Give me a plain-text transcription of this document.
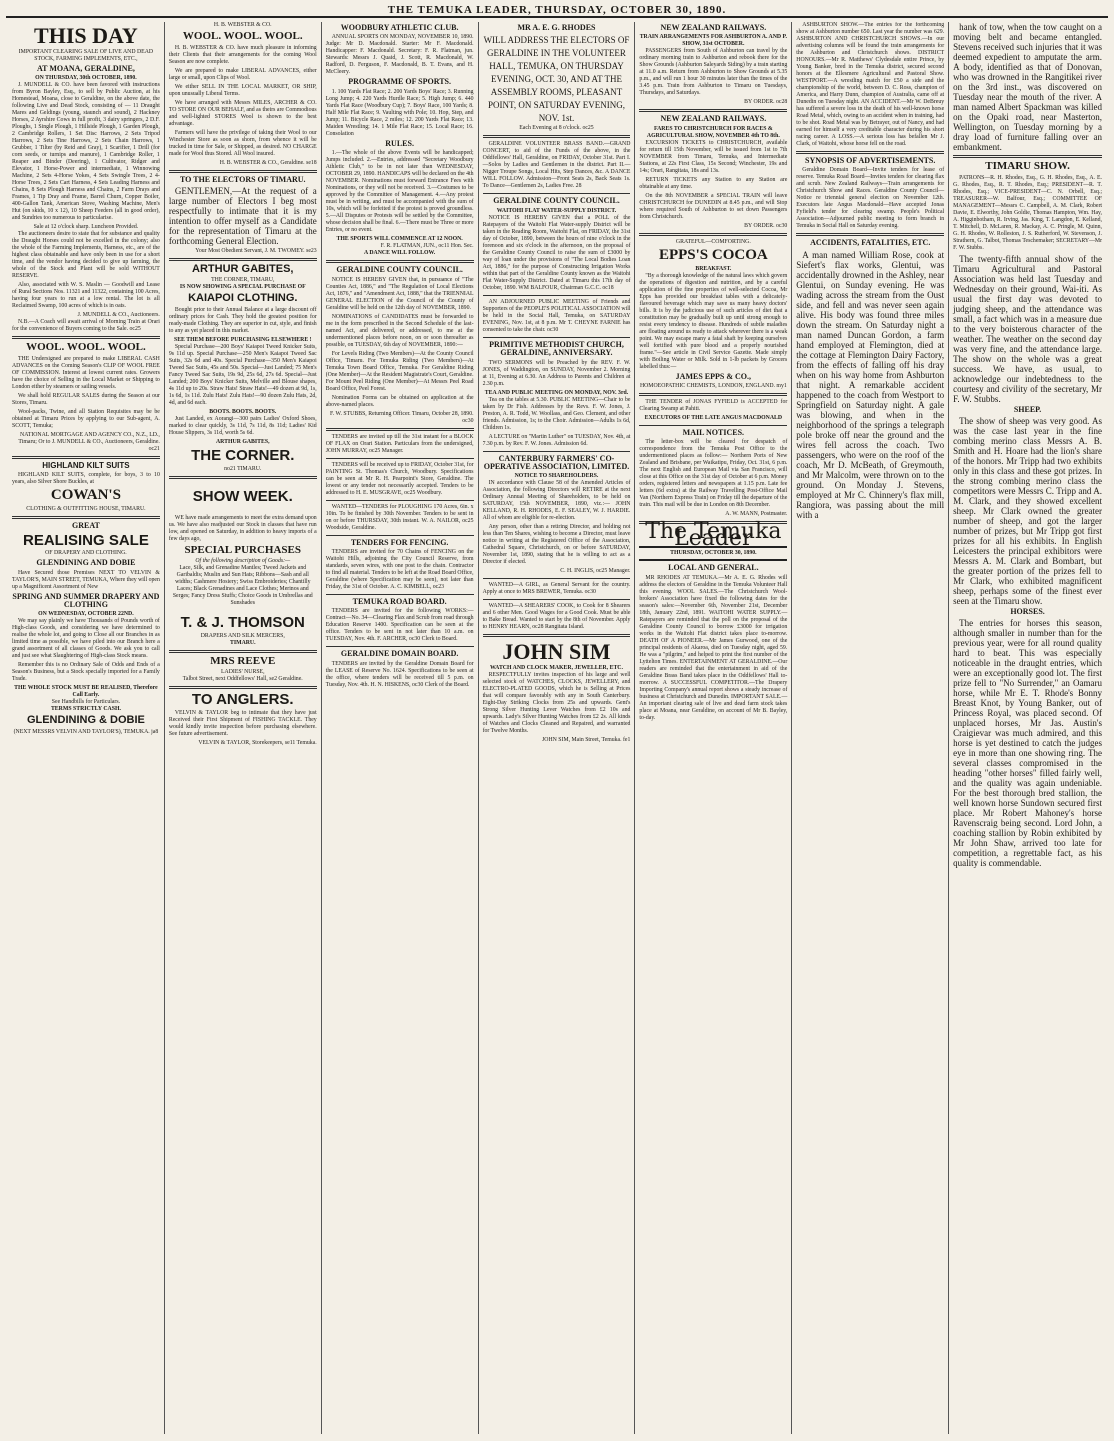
THE TEMUKA LEADER, THURSDAY, OCTOBER 30, 1890.
THIS DAY
IMPORTANT CLEARING SALE OF LIVE AND DEAD STOCK, FARMING IMPLEMENTS, ETC.,
AT MOANA, GERALDINE,
ON THURSDAY, 30th OCTOBER, 1890.
J. MUNDELL & CO. have been favored with instructions from Byron Bayley, Esq., to sell by Public Auction, at his Homestead, Moana, close to Geraldine, on the above date, the following Live and Dead Stock, consisting of — 11 Draught Mares and Geldings (young, staunch and sound), 2 Hackney Horses, 2 Ayrshire Cows in full profit, 3 dairy springers, 2 D.F. Ploughs, 1 Single Plough, 1 Hillside Plough, 1 Garden Plough, 2 Cambridge Rollers, 1 Set Disc Harrows, 2 Sets Tripod Harrows, 2 Sets Tine Harrows, 2 Sets Chain Harrows, 1 Grubber, 1 Tilter (by Reid and Gray), 1 Scarifier, 1 Drill (for corn seeds, or turnips and manure), 1 Cambridge Roller, 1 Reaper and Binder (Deering), 1 Cultivator, Ridger and Elevator, 1 Horse-Power and intermediate, 1 Winnowing Machine, 2 Sets 4-Horse Yokes, 4 Sets Swingle Trees, 2 4-Horse Trees, 2 Sets Cart Harness, 4 Sets Leading Harness and Chains, 8 Sets Plough Harness and Chains, 2 Farm Drays and Frames, 1 Tip Dray and Frame, Barrel Churn, Copper Boiler, 400-Gallon Tank, American Stove, Washing Machine, Men's Hut (on skids, 10 x 12), 10 Sheep Feeders (all in good order), and Sundries too numerous to particularise.
Sale at 12 o'clock sharp. Luncheon Provided.
The auctioneers desire to state that for substance and quality the Draught Horses could not be excelled in the colony; also the whole of the Farming Implements, Harness, etc., are of the highest class obtainable and have only been in use for a short time, and the vendor having decided to give up farming, the whole of the Stock and Plant will be sold WITHOUT RESERVE.
Also, associated with W. S. Maslin — Goodwill and Lease of Rural Sections Nos. 11321 and 11322, containing 100 Acres, having four years to run at a low rental. The lot is all Reclaimed Swamp, 100 acres of which is in oats.
J. MUNDELL & CO., Auctioneers.
N.B.—A Coach will await arrival of Morning Train at Orari for the convenience of Buyers coming to the Sale. oc25
WOOL. WOOL. WOOL.
THE Undersigned are prepared to make LIBERAL CASH ADVANCES on the Coming Season's CLIP OF WOOL FREE OF COMMISSION. Interest at lowest current rates. Growers have the choice of Selling in the Local Market or Shipping to London either by steamers or sailing vessels.
We shall hold REGULAR SALES during the Season at our Stores, Timaru.
Wool-packs, Twine, and all Station Requisites may be be obtained at Timaru Prices by applying to our Sub-agent, A. SCOTT, Temuka;
NATIONAL MORTGAGE AND AGENCY CO., N.Z., LD., Timaru; Or to J. MUNDELL & CO., Auctioneers, Geraldine. oc21
HIGHLAND KILT SUITS
HIGHLAND KILT SUITS, complete, for boys, 3 to 10 years, also Silver Shore Buckles, at
COWAN'S
CLOTHING & OUTFITTING HOUSE, TIMARU.
GREAT
REALISING SALE
OF DRAPERY AND CLOTHING.
GLENDINING AND DOBIE
Have Secured those Premises NEXT TO VELVIN & TAYLOR'S, MAIN STREET, TEMUKA, Where they will open up a Magnificent Assortment of New
SPRING AND SUMMER DRAPERY AND CLOTHING
ON WEDNESDAY, OCTOBER 22ND.
We may say plainly we have Thousands of Pounds worth of High-class Goods, and considering we have determined to realise the whole lot, and going to Close all our Branches in as limited time as possible, we have piled into our Branch here a grand assortment of all classes of Goods. We ask you to call and just see what Slaughtering of High-class Stock means.
Remember this is no Ordinary Sale of Odds and Ends of a Season's Business, but a Stock specially imported for a Family Trade.
THE WHOLE STOCK MUST BE REALISED, Therefore Call Early.
See Handbills for Particulars.
TERMS STRICTLY CASH.
GLENDINING & DOBIE
(NEXT MESSRS VELVIN AND TAYLOR'S), TEMUKA. ja8
H. B. WEBSTER & CO.
WOOL. WOOL. WOOL.
H. B. WEBSTER & CO. have much pleasure in informing their Clients that their arrangements for the coming Wool Season are now complete.
We are prepared to make LIBERAL ADVANCES, either large or small, upon Clips of Wool.
We either SELL IN THE LOCAL MARKET, OR SHIP, upon unusually Liberal Terms.
We have arranged with Messrs MILES, ARCHER & CO. TO STORE ON OUR BEHALF, and as theirs are Commodious and well-lighted STORES Wool is shown to the best advantage.
Farmers will have the privilege of taking their Wool to our Winchester Store as soon as shorn, from whence it will be trucked in time for Sale, or Shipped, as desired. NO CHARGE made for Wool thus Stored. All Wool insured.
H. B. WEBSTER & CO., Geraldine. se18
TO THE ELECTORS OF TIMARU.
GENTLEMEN,—At the request of a large number of Electors I beg most respectfully to intimate that it is my intention to offer myself as a Candidate for the representation of Timaru at the forthcoming General Election.
Your Most Obedient Servant, J. M. TWOMEY. se23
ARTHUR GABITES,
THE CORNER, TIMARU,
IS NOW SHOWING A SPECIAL PURCHASE OF
KAIAPOI CLOTHING.
Bought prior to their Annual Balance at a large discount off ordinary prices for Cash. They hold the greatest position for ready-made Clothing. They are superior in cut, style, and finish to any as yet placed in this market.
SEE THEM BEFORE PURCHASING ELSEWHERE !
Special Purchase—200 Boys' Kaiapoi Tweed Knicker Suits, 9s 11d up. Special Purchase—250 Men's Kaiapoi Tweed Sac Suits, 32s 6d and 40s. Special Purchase—350 Men's Kaiapoi Tweed Sac Suits, 45s and 50s. Special—Just Landed; 75 Men's Fancy Tweed Sac Suits, 19s 9d, 25s 6d, 27s 6d. Special—Just Landed; 200 Boys' Knicker Suits, Melville and Blouse shapes, 4s 11d up to 20s. Straw Hats! Straw Hats!—49 dozen at 9d, 1s, 1s 6d, 1s 11d. Zulu Hats! Zulu Hats!—90 dozen Zulu Hats, 2d, 4d, and 6d each.
BOOTS. BOOTS. BOOTS.
Just Landed, ex Aorangi—300 pairs Ladies' Oxford Shoes, marked to clear quickly, 3s 11d, 7s 11d, 8s 11d; Ladies' Kid House Slippers, 3s 11d, worth 5s 6d.
ARTHUR GABITES,
THE CORNER.
no21 TIMARU.
SHOW WEEK.
WE have made arrangements to meet the extra demand upon us. We have also readjusted our Stock in classes that have run low, and opened on Saturday, in addition to heavy imports of a few days ago,
SPECIAL PURCHASES
Of the following description of Goods:—
Lace, Silk, and Grenadine Mantles; Tweed Jackets and Garibaldis; Muslin and Sun Hats; Ribbons—Sash and all widths; Cashmere Hosiery; Swiss Embroideries; Chantilly Laces; Black Grenadines and Lace Clothes; Merinos and Serges; Fancy Dress Stuffs; Choice Goods in Umbrellas and Sunshades
T. & J. THOMSON
DRAPERS AND SILK MERCERS,
TIMARU.
MRS REEVE
LADIES' NURSE,
Talbot Street, next Oddfellows' Hall, se2 Geraldine.
TO ANGLERS.
VELVIN & TAYLOR beg to intimate that they have just Received their First Shipment of FISHING TACKLE. They would kindly invite inspection before purchasing elsewhere. See future advertisement.
VELVIN & TAYLOR, Storekeepers, se11 Temuka.
WOODBURY ATHLETIC CLUB.
ANNUAL SPORTS ON MONDAY, NOVEMBER 10, 1890. Judge: Mr D. Macdonald. Starter: Mr F. Macdonald. Handicapper: F. Macdonald. Secretary: F. R. Flatman, jun. Stewards: Messrs J. Quaid, J. Scott, R. Macdonald, W. Radford, D. Ferguson, F. Macdonald, B. T. Evans, and H. McCleery.
PROGRAMME OF SPORTS.
1. 100 Yards Flat Race; 2. 200 Yards Boys' Race; 3. Running Long Jump; 4. 220 Yards Hurdle Race; 5. High Jump; 6. 440 Yards Flat Race (Woodbury Cup); 7. Boys' Race, 100 Yards; 8. Half Mile Flat Race; 9. Vaulting with Pole; 10. Hop, Step, and Jump; 11. Bicycle Race, 2 miles; 12. 200 Yards Flat Race; 13. Maiden Wrestling; 14. 1 Mile Flat Race; 15. Local Race; 16. Consolation
RULES.
1.—The whole of the above Events will be handicapped; Jumps included. 2.—Entries, addressed "Secretary Woodbury Athletic Club," to be in not later than WEDNESDAY, OCTOBER 29, 1890. HANDICAPS will be declared on the 4th NOVEMBER. Nominations must forward Entrance Fees with Nominations, or they will not be received. 3.—Costumes to be approved by the Committee of Management. 4.—Any protest must be in writing, and must be accompanied with the sum of 10s, which will be forfeited if the protest is proved groundless. 5.—All Disputes or Protests will be settled by the Committee, whose decision shall be final. 6.—There must be Three or more Entries, or no event.
THE SPORTS WILL COMMENCE AT 12 NOON.
F. R. FLATMAN, JUN., oc11 Hon. Sec.
A DANCE WILL FOLLOW.
GERALDINE COUNTY COUNCIL.
NOTICE IS HEREBY GIVEN that, in pursuance of "The Counties Act, 1886," and "The Regulation of Local Elections Act, 1876," and "Amendment Act, 1888," that the TRIENNIAL GENERAL ELECTION of the Council of the County of Geraldine will be held on the 12th day of NOVEMBER, 1890.
NOMINATIONS of CANDIDATES must be forwarded to me in the form prescribed in the Second Schedule of the last-named Act, and delivered, or addressed, to me at the undermentioned places before noon, on or soon thereafter as possible, on TUESDAY, 6th day of NOVEMBER, 1890:—
For Levels Riding (Two Members)—At the County Council Office, Timaru. For Temuka Riding (Two Members)—At Temuka Town Board Office, Temuka. For Geraldine Riding (One Member)—At the Resident Magistrate's Court, Geraldine. For Mount Peel Riding (One Member)—At Messrs Peel Road Board Office, Peel Forest.
Nomination Forms can be obtained on application at the above-named places.
F. W. STUBBS, Returning Officer. Timaru, October 28, 1890. oc30
TENDERS are invited up till the 31st instant for a BLOCK OF FLAX on Orari Station. Particulars from the undersigned, JOHN MURRAY, oc25 Manager.
TENDERS will be received up to FRIDAY, October 31st, for PAINTING St. Thomas's Church, Woodbury. Specifications can be seen at Mr R. H. Pearpoint's Store, Geraldine. The lowest or any tender not necessarily accepted. Tenders to be addressed to H. E. MUSGRAVE, oc25 Woodbury.
WANTED—TENDERS for PLOUGHING 170 Acres, 6in. x 10in. To be finished by 30th November. Tenders to be sent in on or before THURSDAY, 30th instant. W. A. NAILOR, oc25 Woodside, Geraldine.
TENDERS FOR FENCING.
TENDERS are invited for 70 Chains of FENCING on the Waitohi Hills, adjoining the City Council Reserve, from standards, seven wires, with one post to the chain. Contractor to find all material. Tenders to be left at the Road Board Office, Geraldine (where Specification may be seen), not later than Friday, the 31st of October. A. C. KIMBELL, oc23
TEMUKA ROAD BOARD.
TENDERS are invited for the following WORKS:— Contract—No. 34—Clearing Flax and Scrub from road through Education Reserve 1400. Specification can be seen at the office. Tenders to be sent in not later than 10 a.m. on TUESDAY, Nov. 4th. F. ARCHER, oc30 Clerk to Board.
GERALDINE DOMAIN BOARD.
TENDERS are invited by the Geraldine Domain Board for the LEASE of Reserve No. 1624. Specifications to be seen at the office, where tenders will be received till 5 p.m. on Tuesday, Nov. 4th. H. N. HISKENS, oc30 Clerk of the Board.
MR A. E. G. RHODES
WILL ADDRESS THE ELECTORS OF GERALDINE IN THE VOLUNTEER HALL, TEMUKA, ON THURSDAY EVENING, OCT. 30, AND AT THE ASSEMBLY ROOMS, PLEASANT POINT, ON SATURDAY EVENING, NOV. 1st.
Each Evening at 8 o'clock. oc25
GERALDINE VOLUNTEER BRASS BAND.—GRAND CONCERT, to aid of the Funds of the above, in the Oddfellows' Hall, Geraldine, on FRIDAY, October 31st. Part I.—Solos by Ladies and Gentlemen in the district. Part II.—Nigger Troupe Songs, Local Hits, Step Dances, &c. A DANCE WILL FOLLOW. Admission—Front Seats 2s, Back Seats 1s. To Dance—Gentlemen 2s, Ladies Free. 28
GERALDINE COUNTY COUNCIL.
WAITOHI FLAT WATER-SUPPLY DISTRICT.
NOTICE IS HEREBY GIVEN that a POLL of the Ratepayers of the Waitohi Flat Water-supply District will be taken in the Reading Room, Waitohi Flat, on FRIDAY, the 31st day of October, 1890, between the hours of nine o'clock in the forenoon and six o'clock in the afternoon, on the proposal of the Geraldine County Council to raise the sum of £3000 by way of loan under the provisions of "The Local Bodies Loan Act, 1886," for the purpose of Constructing Irrigation Works within that part of the Geraldine County known as the Waitohi Flat Water-Supply District. Dated at Timaru this 17th day of October, 1890. WM BALFOUR, Chairman G.C.C. oc18
AN ADJOURNED PUBLIC MEETING of Friends and Supporters of the PEOPLE'S POLITICAL ASSOCIATION will be held in the Social Hall, Temuka, on SATURDAY EVENING, Nov. 1st, at 8 p.m. Mr T. CHEYNE FARNIE has consented to take the chair. oc30
PRIMITIVE METHODIST CHURCH, GERALDINE, ANNIVERSARY.
TWO SERMONS will be Preached by the REV. F. W. JONES, of Waddington, on SUNDAY, November 2. Morning at 11, Evening at 6.30. An Address to Parents and Children at 2.30 p.m.
TEA AND PUBLIC MEETING ON MONDAY, NOV. 3rd.
Tea on the tables at 5.30. PUBLIC MEETING—Chair to be taken by Dr Fish. Addresses by the Revs. F. W. Jones, J. Preston, A. R. Todd, W. Woollass, and Geo. Clement, and other friends. Admission, 1s; to the Choir. Admission—Adults 1s 6d, Children 1s.
A LECTURE on "Martin Luther" on TUESDAY, Nov. 4th, at 7.30 p.m. by Rev. F. W. Jones. Admission 6d.
CANTERBURY FARMERS' CO-OPERATIVE ASSOCIATION, LIMITED.
NOTICE TO SHAREHOLDERS.
IN accordance with Clause 58 of the Amended Articles of Association, the following Directors will RETIRE at the next Ordinary Annual Meeting of Shareholders, to be held on SATURDAY, 15th NOVEMBER, 1890, viz.:— JOHN KELLAND, R. H. RHODES, E. F. SEALEY, W. J. HARDIE. All of whom are eligible for re-election.
Any person, other than a retiring Director, and holding not less than Ten Shares, wishing to become a Director, must leave notice in writing at the Registered Office of the Association, Cathedral Square, Christchurch, on or before SATURDAY, November 1st, 1890, stating that he is willing to act as a Director if elected.
C. H. INGLIS, oc25 Manager.
WANTED—A GIRL, as General Servant for the country. Apply at once to MRS BREWER, Temuka. oc30
WANTED—A SHEARERS' COOK, to Cook for 8 Shearers and 6 other Men. Good Wages for a Good Cook. Must be able to Bake Bread. Wanted to start by the 8th of November. Apply to HENRY HEARN, oc28 Rangitata Island.
JOHN SIM
WATCH AND CLOCK MAKER, JEWELLER, ETC.
RESPECTFULLY invites inspection of his large and well selected stock of WATCHES, CLOCKS, JEWELLERY, and ELECTRO-PLATED GOODS, which he is Selling at Prices that will compare favorably with any in South Canterbury. Eight-Day Striking Clocks from 25s and upwards. Gent's Strong Silver Hunting Lever Watches from £2 10s and upwards. Lady's Silver Hunting Watches from £2 2s. All kinds of Watches and Clocks Cleaned and Repaired, and warranted for Twelve Months.
JOHN SIM, Main Street, Temuka. fe1
NEW ZEALAND RAILWAYS.
TRAIN ARRANGEMENTS FOR ASHBURTON A. AND P. SHOW, 31st OCTOBER.
PASSENGERS from South of Ashburton can travel by the ordinary morning train to Ashburton and rebook there for the Show Grounds (Ashburton Saleyards Siding) by a train starting at 11.0 a.m. Return from Ashburton to Show Grounds at 5.35 p.m., and will run 1 hour 30 minutes later than the times of the 3.45 p.m. Train from Ashburton to Timaru on Tuesdays, Thursdays, and Saturdays.
BY ORDER. oc28
NEW ZEALAND RAILWAYS.
FARES TO CHRISTCHURCH FOR RACES & AGRICULTURAL SHOW, NOVEMBER 4th TO 8th.
EXCURSION TICKETS to CHRISTCHURCH, available for return till 15th November, will be issued from 1st to 7th NOVEMBER from Timaru, Temuka, and Intermediate Stations, at 22s First Class, 15s Second; Winchester, 19s and 14s; Orari, Rangitata, 18s and 13s.
RETURN TICKETS any Station to any Station are obtainable at any time.
On the 8th NOVEMBER a SPECIAL TRAIN will leave CHRISTCHURCH for DUNEDIN at 8.45 p.m., and will Stop where required South of Ashburton to set down Passengers from Christchurch.
BY ORDER. oc30
GRATEFUL—COMFORTING.
EPPS'S COCOA
BREAKFAST.
"By a thorough knowledge of the natural laws which govern the operations of digestion and nutrition, and by a careful application of the fine properties of well-selected Cocoa, Mr Epps has provided our breakfast tables with a delicately-flavoured beverage which may save us many heavy doctors' bills. It is by the judicious use of such articles of diet that a constitution may be gradually built up until strong enough to resist every tendency to disease. Hundreds of subtle maladies are floating around us ready to attack wherever there is a weak point. We may escape many a fatal shaft by keeping ourselves well fortified with pure blood and a properly nourished frame."—See article in Civil Service Gazette. Made simply with Boiling Water or Milk. Sold in 1-lb packets by Grocers labelled thus:—
JAMES EPPS & CO.,
HOMOEOPATHIC CHEMISTS, LONDON, ENGLAND. my1
THE TENDER of JONAS FYFIELD is ACCEPTED for Clearing Swamp at Pahiti.
EXECUTORS OF THE LATE ANGUS MACDONALD
MAIL NOTICES.
The letter-box will be cleared for despatch of correspondence from the Temuka Post Office to the undermentioned places as follow:— Northern Ports of New Zealand and Brisbane, per Waikatipu, Friday, Oct. 31st, 6 p.m. The next English and European Mail via San Francisco, will close at this Office on the 31st day of October at 6 p.m. Money orders, registered letters and newspapers at 1.15 p.m. Late fee letters (6d extra) at the Railway Travelling Post-Office Mail Van (Northern Express Train) on Friday till the departure of the train. This mail will be due in London on 8th December.
A. W. MANN, Postmaster.
The Temuka Leader
THURSDAY, OCTOBER 30, 1890.
LOCAL AND GENERAL.
MR RHODES AT TEMUKA.—Mr A. E. G. Rhodes will address the electors of Geraldine in the Temuka Volunteer Hall this evening. WOOL SALES.—The Christchurch Wool-brokers' Association have fixed the following dates for the season's sales:—November 6th, November 21st, December 18th, January 22nd, 1891. WAITOHI WATER SUPPLY.—Ratepayers are reminded that the poll on the proposal of the Geraldine County Council to borrow £3000 for irrigation works in the Waitohi Flat district takes place to-morrow. DEATH OF A PIONEER.—Mr James Gurwood, one of the principal residents of Akaroa, died on Tuesday night, aged 59. He was a "pilgrim," and helped to print the first number of the Lyttelton Times. ENTERTAINMENT AT GERALDINE.—Our readers are reminded that the entertainment in aid of the Geraldine Brass Band takes place in the Oddfellows' Hall to-morrow. A SUCCESSFUL COMPETITOR.—The Drapery Importing Company's annual report shows a steady increase of business at Christchurch and Dunedin. IMPORTANT SALE.—An important clearing sale of live and dead farm stock takes place at Moana, near Geraldine, on account of Mr B. Bayley, to-day.
ASHBURTON SHOW.—The entries for the forthcoming show at Ashburton number 650. Last year the number was 629. ASHBURTON AND CHRISTCHURCH SHOWS.—In our advertising columns will be found the train arrangements for the Ashburton and Christchurch shows. DISTRICT HONOURS.—Mr R. Matthews' Clydesdale entire Prince, by Young Banker, bred in the Temuka district, secured second honors at the Ellesmere Agricultural and Pastoral Show. WESTPORT.—A wrestling match for £50 a side and the championship of the world, between D. C. Ross, champion of America, and Harry Dunn, champion of Australia, came off at Dunedin on Tuesday night. AN ACCIDENT.—Mr W. DeBreuy has suffered a severe loss in the death of his well-known horse Road Metal, which, owing to an accident when in training, had to be shot. Road Metal was by Betrayer, out of Nancy, and had earned for himself a very creditable character during his short racing career. A LOSS.—A serious loss has befallen Mr J. Clark, of Waitohi, whose horse fell on the road.
SYNOPSIS OF ADVERTISEMENTS.
Geraldine Domain Board—Invite tenders for lease of reserve. Temuka Road Board—Invites tenders for clearing flax and scrub. New Zealand Railways—Train arrangements for Christchurch Show and Races. Geraldine County Council—Notice re triennial general election on November 12th. Executors late Angus Macdonald—Have accepted Jonas Fyfield's tender for clearing swamp. People's Political Association—Adjourned public meeting to form branch in Temuka in Social Hall on Saturday evening.
ACCIDENTS, FATALITIES, ETC.
A man named William Rose, cook at Siefert's flax works, Glentui, was accidentally drowned in the Ashley, near Glentui, on Sunday evening. He was wading across the stream from the Oust side, and fell and was never seen again alive. His body was found three miles down the stream. On Saturday night a man named Duncan Gordon, a farm hand employed at Flemington, died at the cottage at Flemington Dairy Factory, from the effects of falling off his dray when on his way home from Ashburton that night. A remarkable accident happened to the coach from Westport to Springfield on Saturday night. A gale was blowing, and when in the neighborhood of the springs a telegraph pole broke off near the ground and the wires fell across the coach. Two passengers, who were on the roof of the coach, Mr D. McBeath, of Greymouth, and Mr Malcolm, were thrown on to the ground. On Monday J. Stevens, employed at Mr C. Chinnery's flax mill, Rangiora, was passing about the mill with a
hank of tow, when the tow caught on a moving belt and became entangled. Stevens received such injuries that it was deemed expedient to amputate the arm. A body, identified as that of Donovan, who was drowned in the Rangitikei river on the 3rd inst., was discovered on Tuesday near the mouth of the river. A man named Albert Spackman was killed on the Opaki road, near Masterton, Wellington, on Tuesday morning by a dray load of furniture falling over an embankment.
TIMARU SHOW.
PATRONS—R. H. Rhodes, Esq., G. H. Rhodes, Esq., A. E. G. Rhodes, Esq., R. T. Rhodes, Esq.; PRESIDENT—R. T. Rhodes, Esq.; VICE-PRESIDENT—C. N. Orbell, Esq.; TREASURER—W. Balfour, Esq.; COMMITTEE OF MANAGEMENT—Messrs C. Campbell, A. M. Clark, Robert Davie, E. Elworthy, John Goldie, Thomas Hampton, Wm. Hay, A. Higginbotham, R. Irving, Jas. King, T. Langdon, E. Kelland, T. Mitchell, D. McLaren, R. Mackay, A. C. Pringle, M. Quinn, G. H. Rhodes, W. Rolleston, J. S. Rutherford, W. Stevenson, J. Strathern, G. Talbot, Thomas Teschemaker; SECRETARY—Mr F. W. Stubbs.
The twenty-fifth annual show of the Timaru Agricultural and Pastoral Association was held last Tuesday and Wednesday on their ground, Wai-iti. As usual the first day was devoted to judging sheep, and the attendance was small, a fact which was in a measure due to the very boisterous character of the weather. The weather on the second day was very fine, and the attendance large. The show on the whole was a great success. We have, as usual, to acknowledge our indebtedness to the courtesy and civility of the secretary, Mr F. W. Stubbs.
SHEEP.
The show of sheep was very good. As was the case last year in the fine combing merino class Messrs A. B. Smith and H. Hoare had the lion's share of the honors. Mr Tripp had two exhibits only in this class and these got prizes. In the strong combing merino class the competitors were Messrs C. Tripp and A. M. Clark, and they showed excellent sheep. Mr Clark owned the greater number of sheep, and got the larger number of prizes, but Mr Tripp got first prizes for all his exhibits. In English Leicesters the principal exhibitors were Messrs A. M. Clark and Bombart, but the greater portion of the prizes fell to Mr Clark, who exhibited magnificent sheep, perhaps some of the finest ever seen at the Timaru show.
HORSES.
The entries for horses this season, although smaller in number than for the previous year, were for all round quality hard to beat. This was especially noticeable in the draught entries, which were an exceptionally good lot. The first prize fell to "No Surrender," an Oamaru horse, while Mr E. T. Rhode's Bonny Breast Knot, by Young Banker, out of Princess Royal, was placed second. Of unplaced horses, Mr Jas. Austin's Craigievar was much admired, and this horse is yet destined to catch the judges eye in more than one showing ring. The several classes compromised in the heading "other horses" filled fairly well, and the quality was again undeniable. For the best thorough bred stallion, the well known horse Sundown secured first place. Mr Robert Mahoney's horse Ravenscraig being second. Lord John, a coaching stallion by Robin exhibited by Mr John Shaw, arrived too late for competition, a regrettable fact, as his quality is commendable.
